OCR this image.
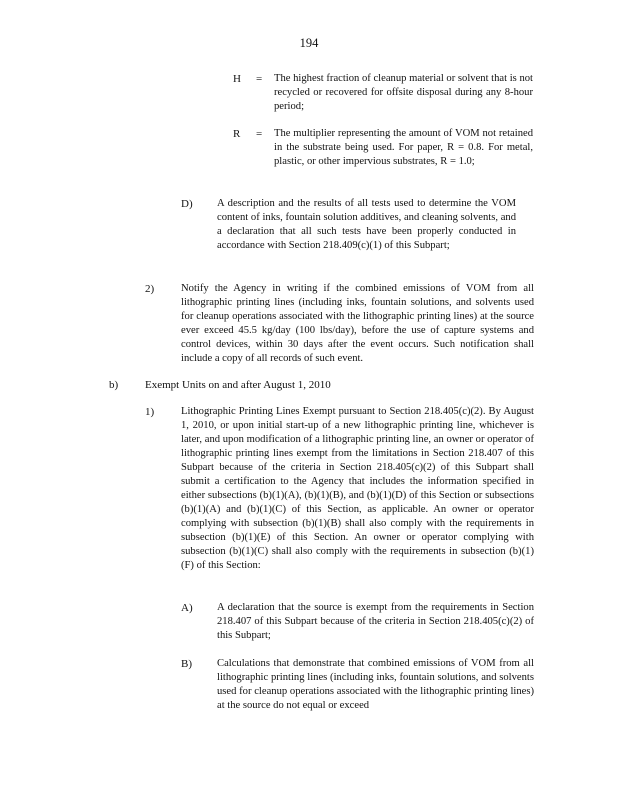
194
H = The highest fraction of cleanup material or solvent that is not recycled or recovered for offsite disposal during any 8-hour period;

R = The multiplier representing the amount of VOM not retained in the substrate being used. For paper, R = 0.8. For metal, plastic, or other impervious substrates, R = 1.0;

D) A description and the results of all tests used to determine the VOM content of inks, fountain solution additives, and cleaning solvents, and a declaration that all such tests have been properly conducted in accordance with Section 218.409(c)(1) of this Subpart;

2)	Notify the Agency in writing if the combined emissions of VOM from all lithographic printing lines (including inks, fountain solutions, and solvents used for cleanup operations associated with the lithographic printing lines) at the source ever exceed 45.5 kg/day (100 lbs/day), before the use of capture systems and control devices, within 30 days after the event occurs. Such notification shall include a copy of all records of such event.

b) Exempt Units on and after August 1, 2010
1)	Lithographic Printing Lines Exempt pursuant to Section 218.405(c)(2). By August 1, 2010, or upon initial start-up of a new lithographic printing line, whichever is later, and upon modification of a lithographic printing line, an owner or operator of lithographic printing lines exempt from the limitations in Section 218.407 of this Subpart because of the criteria in Section 218.405(c)(2) of this Subpart shall submit a certification to the Agency that includes the information specified in either subsections (b)(1)(A), (b)(1)(B), and (b)(1)(D) of this Section or subsections (b)(1)(A) and (b)(1)(C) of this Section, as applicable. An owner or operator complying with subsection (b)(1)(B) shall also comply with the requirements in subsection (b)(1)(E) of this Section. An owner or operator complying with subsection (b)(1)(C) shall also comply with the requirements in subsection (b)(1)(F) of this Section:

A) A declaration that the source is exempt from the requirements in Section 218.407 of this Subpart because of the criteria in Section 218.405(c)(2) of this Subpart;

B) Calculations that demonstrate that combined emissions of VOM from all lithographic printing lines (including inks, fountain solutions, and solvents used for cleanup operations associated with the lithographic printing lines) at the source do not equal or exceed
